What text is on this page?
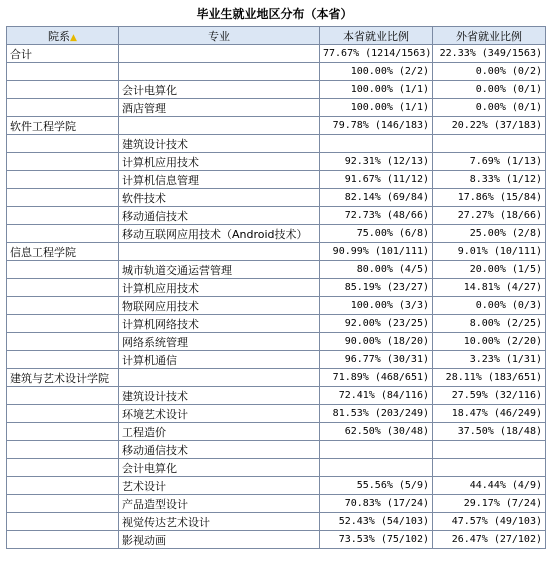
毕业生就业地区分布（本省）
院系▲	专业	本省就业比例	外省就业比例
合计		77.67% (1214/1563)	22.33% (349/1563)
		100.00% (2/2)	0.00% (0/2)
	会计电算化	100.00% (1/1)	0.00% (0/1)
	酒店管理	100.00% (1/1)	0.00% (0/1)
软件工程学院		79.78% (146/183)	20.22% (37/183)
	建筑设计技术		
	计算机应用技术	92.31% (12/13)	7.69% (1/13)
	计算机信息管理	91.67% (11/12)	8.33% (1/12)
	软件技术	82.14% (69/84)	17.86% (15/84)
	移动通信技术	72.73% (48/66)	27.27% (18/66)
	移动互联网应用技术（Android技术）	75.00% (6/8)	25.00% (2/8)
信息工程学院		90.99% (101/111)	9.01% (10/111)
	城市轨道交通运营管理	80.00% (4/5)	20.00% (1/5)
	计算机应用技术	85.19% (23/27)	14.81% (4/27)
	物联网应用技术	100.00% (3/3)	0.00% (0/3)
	计算机网络技术	92.00% (23/25)	8.00% (2/25)
	网络系统管理	90.00% (18/20)	10.00% (2/20)
	计算机通信	96.77% (30/31)	3.23% (1/31)
建筑与艺术设计学院		71.89% (468/651)	28.11% (183/651)
	建筑设计技术	72.41% (84/116)	27.59% (32/116)
	环境艺术设计	81.53% (203/249)	18.47% (46/249)
	工程造价	62.50% (30/48)	37.50% (18/48)
	移动通信技术		
	会计电算化		
	艺术设计	55.56% (5/9)	44.44% (4/9)
	产品造型设计	70.83% (17/24)	29.17% (7/24)
	视觉传达艺术设计	52.43% (54/103)	47.57% (49/103)
	影视动画	73.53% (75/102)	26.47% (27/102)
